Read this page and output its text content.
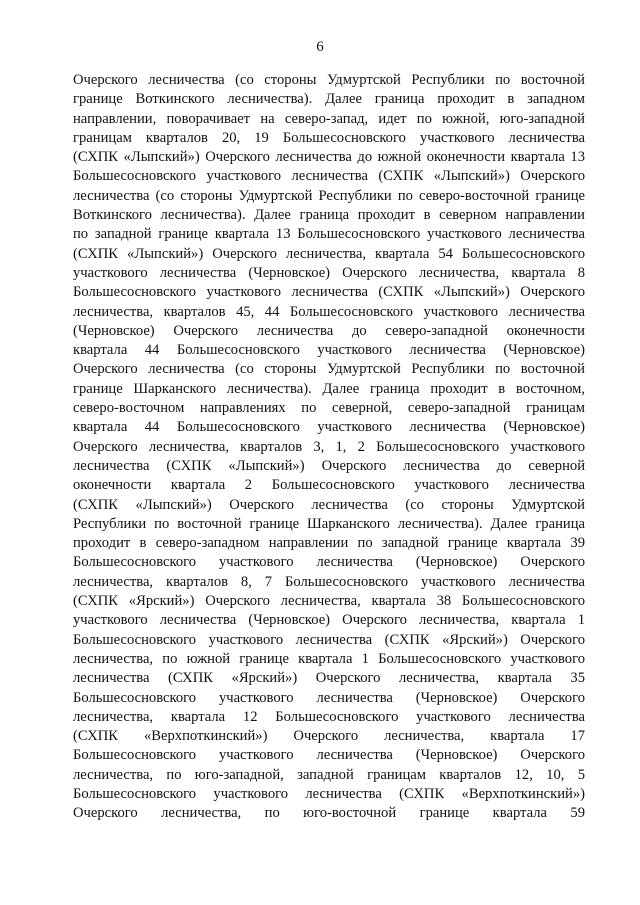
6
Очерского лесничества (со стороны Удмуртской Республики по восточной
границе Воткинского лесничества). Далее граница проходит в западном
направлении, поворачивает на северо-запад, идет по южной, юго-западной
границам кварталов 20, 19 Большесосновского участкового лесничества
(СХПК «Лыпский») Очерского лесничества до южной оконечности квартала 13
Большесосновского участкового лесничества (СХПК «Лыпский») Очерского
лесничества (со стороны Удмуртской Республики по северо-восточной границе
Воткинского лесничества). Далее граница проходит в северном направлении
по западной границе квартала 13 Большесосновского участкового лесничества
(СХПК «Лыпский») Очерского лесничества, квартала 54 Большесосновского
участкового лесничества (Черновское) Очерского лесничества, квартала 8
Большесосновского участкового лесничества (СХПК «Лыпский») Очерского
лесничества, кварталов 45, 44 Большесосновского участкового лесничества
(Черновское) Очерского лесничества до северо-западной оконечности
квартала 44 Большесосновского участкового лесничества (Черновское)
Очерского лесничества (со стороны Удмуртской Республики по восточной
границе Шарканского лесничества). Далее граница проходит в восточном,
северо-восточном направлениях по северной, северо-западной границам
квартала 44 Большесосновского участкового лесничества (Черновское)
Очерского лесничества, кварталов 3, 1, 2 Большесосновского участкового
лесничества (СХПК «Лыпский») Очерского лесничества до северной
оконечности квартала 2 Большесосновского участкового лесничества
(СХПК «Лыпский») Очерского лесничества (со стороны Удмуртской
Республики по восточной границе Шарканского лесничества). Далее граница
проходит в северо-западном направлении по западной границе квартала 39
Большесосновского участкового лесничества (Черновское) Очерского
лесничества, кварталов 8, 7 Большесосновского участкового лесничества
(СХПК «Ярский») Очерского лесничества, квартала 38 Большесосновского
участкового лесничества (Черновское) Очерского лесничества, квартала 1
Большесосновского участкового лесничества (СХПК «Ярский») Очерского
лесничества, по южной границе квартала 1 Большесосновского участкового
лесничества (СХПК «Ярский») Очерского лесничества, квартала 35
Большесосновского участкового лесничества (Черновское) Очерского
лесничества, квартала 12 Большесосновского участкового лесничества
(СХПК «Верхпоткинский») Очерского лесничества, квартала 17
Большесосновского участкового лесничества (Черновское) Очерского
лесничества, по юго-западной, западной границам кварталов 12, 10, 5
Большесосновского участкового лесничества (СХПК «Верхпоткинский»)
Очерского лесничества, по юго-восточной границе квартала 59
